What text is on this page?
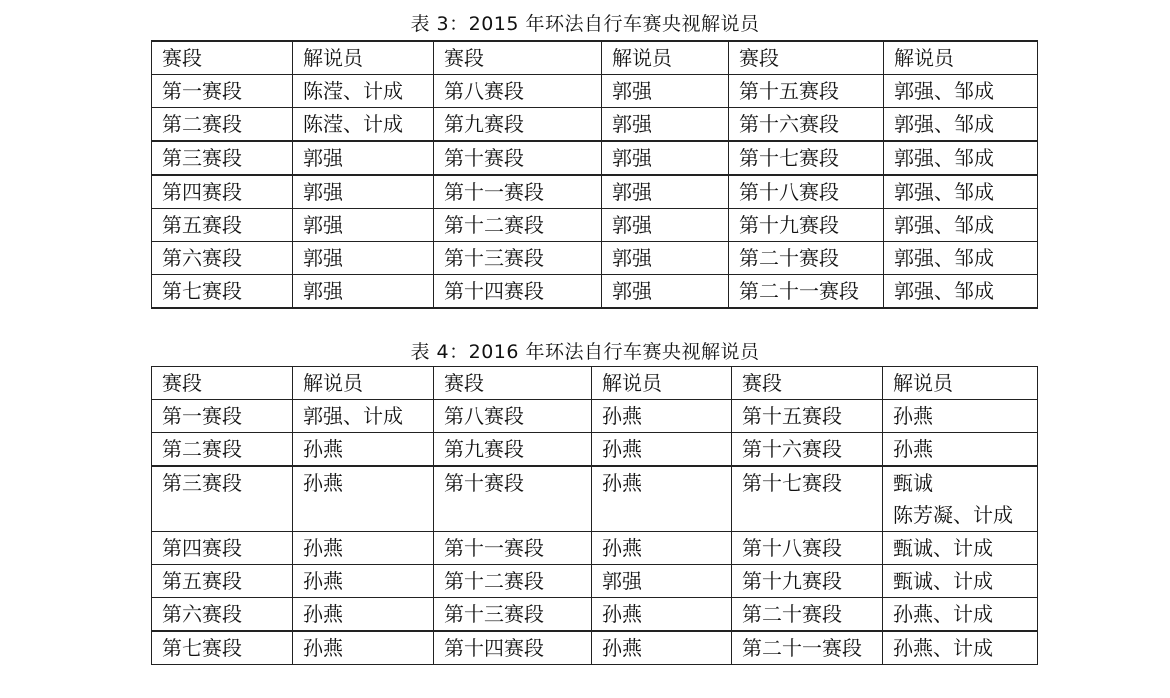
表 3：2015 年环法自行车赛央视解说员
赛段	解说员	赛段	解说员	赛段	解说员
第一赛段	陈滢、计成	第八赛段	郭强	第十五赛段	郭强、邹成
第二赛段	陈滢、计成	第九赛段	郭强	第十六赛段	郭强、邹成
第三赛段	郭强	第十赛段	郭强	第十七赛段	郭强、邹成
第四赛段	郭强	第十一赛段	郭强	第十八赛段	郭强、邹成
第五赛段	郭强	第十二赛段	郭强	第十九赛段	郭强、邹成
第六赛段	郭强	第十三赛段	郭强	第二十赛段	郭强、邹成
第七赛段	郭强	第十四赛段	郭强	第二十一赛段	郭强、邹成
表 4：2016 年环法自行车赛央视解说员
赛段	解说员	赛段	解说员	赛段	解说员
第一赛段	郭强、计成	第八赛段	孙燕	第十五赛段	孙燕
第二赛段	孙燕	第九赛段	孙燕	第十六赛段	孙燕
第三赛段	孙燕	第十赛段	孙燕	第十七赛段	甄诚
陈芳凝、计成

第四赛段	孙燕	第十一赛段	孙燕	第十八赛段	甄诚、计成
第五赛段	孙燕	第十二赛段	郭强	第十九赛段	甄诚、计成
第六赛段	孙燕	第十三赛段	孙燕	第二十赛段	孙燕、计成
第七赛段	孙燕	第十四赛段	孙燕	第二十一赛段	孙燕、计成
